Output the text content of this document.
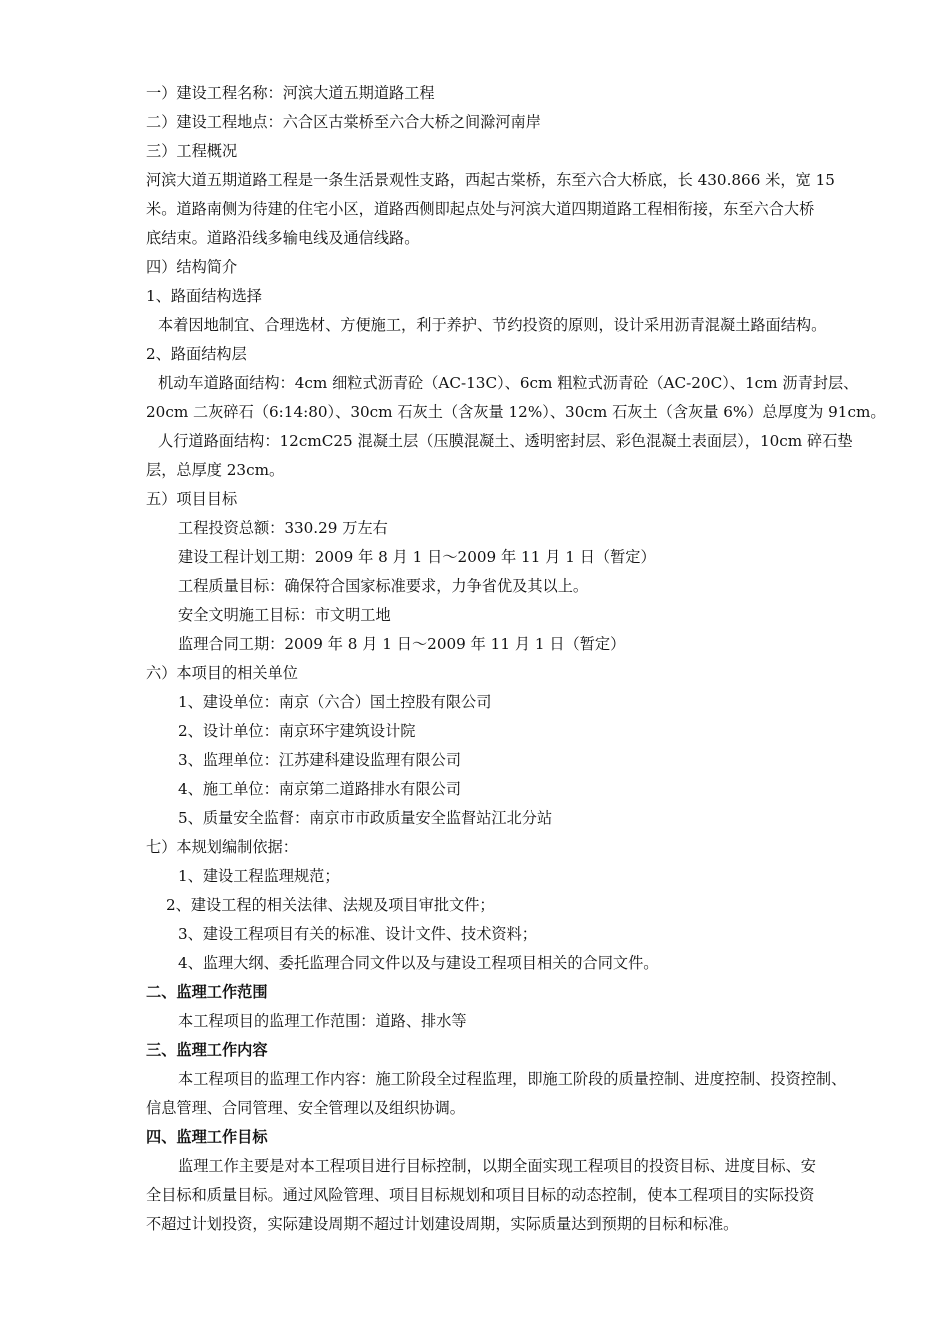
一）建设工程名称：河滨大道五期道路工程
二）建设工程地点：六合区古棠桥至六合大桥之间滁河南岸
三）工程概况
河滨大道五期道路工程是一条生活景观性支路，西起古棠桥，东至六合大桥底，长 430.866 米，宽 15
米。道路南侧为待建的住宅小区，道路西侧即起点处与河滨大道四期道路工程相衔接，东至六合大桥
底结束。道路沿线多输电线及通信线路。
四）结构简介
1、路面结构选择
本着因地制宜、合理选材、方便施工，利于养护、节约投资的原则，设计采用沥青混凝土路面结构。
2、路面结构层
机动车道路面结构：4cm 细粒式沥青砼（AC-13C）、6cm 粗粒式沥青砼（AC-20C）、1cm 沥青封层、
20cm 二灰碎石（6:14:80）、30cm 石灰土（含灰量 12%）、30cm 石灰土（含灰量 6%）总厚度为 91cm。
人行道路面结构：12cmC25 混凝土层（压膜混凝土、透明密封层、彩色混凝土表面层），10cm 碎石垫
层，总厚度 23cm。
五）项目目标
工程投资总额：330.29 万左右
建设工程计划工期：2009 年 8 月 1 日～2009 年 11 月 1 日（暂定）
工程质量目标：确保符合国家标准要求，力争省优及其以上。
安全文明施工目标：市文明工地
监理合同工期：2009 年 8 月 1 日～2009 年 11 月 1 日（暂定）
六）本项目的相关单位
1、建设单位：南京（六合）国土控股有限公司
2、设计单位：南京环宇建筑设计院
3、监理单位：江苏建科建设监理有限公司
4、施工单位：南京第二道路排水有限公司
5、质量安全监督：南京市市政质量安全监督站江北分站
七）本规划编制依据：
1、建设工程监理规范；
2、建设工程的相关法律、法规及项目审批文件；
3、建设工程项目有关的标准、设计文件、技术资料；
4、监理大纲、委托监理合同文件以及与建设工程项目相关的合同文件。
二、监理工作范围
本工程项目的监理工作范围：道路、排水等
三、监理工作内容
本工程项目的监理工作内容：施工阶段全过程监理，即施工阶段的质量控制、进度控制、投资控制、
信息管理、合同管理、安全管理以及组织协调。
四、监理工作目标
监理工作主要是对本工程项目进行目标控制，以期全面实现工程项目的投资目标、进度目标、安
全目标和质量目标。通过风险管理、项目目标规划和项目目标的动态控制，使本工程项目的实际投资
不超过计划投资，实际建设周期不超过计划建设周期，实际质量达到预期的目标和标准。
